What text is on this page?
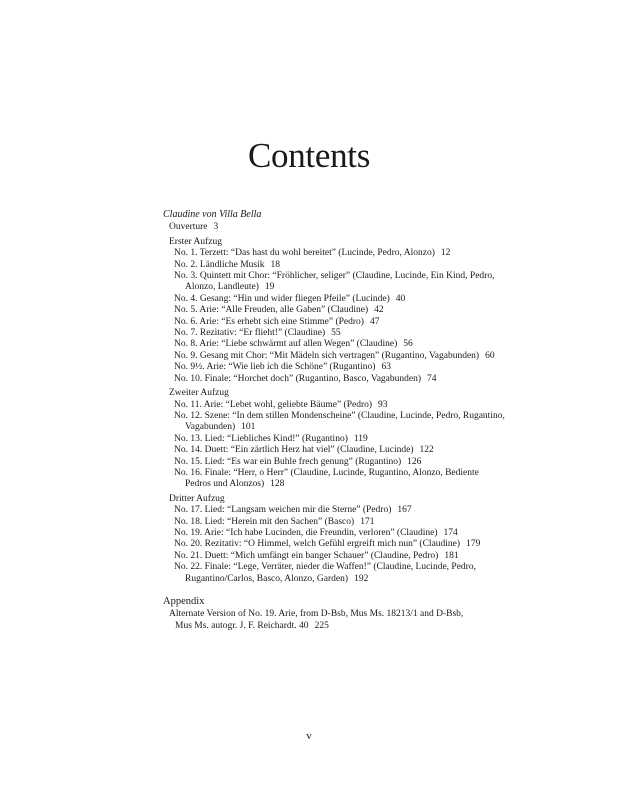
Contents
Claudine von Villa Bella
Ouverture 3
Erster Aufzug
No. 1. Terzett: “Das hast du wohl bereitet” (Lucinde, Pedro, Alonzo) 12
No. 2. Ländliche Musik 18
No. 3. Quintett mit Chor: “Fröhlicher, seliger” (Claudine, Lucinde, Ein Kind, Pedro,
Alonzo, Landleute) 19
No. 4. Gesang: “Hin und wider fliegen Pfeile” (Lucinde) 40
No. 5. Arie: “Alle Freuden, alle Gaben” (Claudine) 42
No. 6. Arie: “Es erhebt sich eine Stimme” (Pedro) 47
No. 7. Rezitativ: “Er flieht!” (Claudine) 55
No. 8. Arie: “Liebe schwärmt auf allen Wegen” (Claudine) 56
No. 9. Gesang mit Chor: “Mit Mädeln sich vertragen” (Rugantino, Vagabunden) 60
No. 9½. Arie: “Wie lieb ich die Schöne” (Rugantino) 63
No. 10. Finale: “Horchet doch” (Rugantino, Basco, Vagabunden) 74
Zweiter Aufzug
No. 11. Arie: “Lebet wohl, geliebte Bäume” (Pedro) 93
No. 12. Szene: “In dem stillen Mondenscheine” (Claudine, Lucinde, Pedro, Rugantino,
Vagabunden) 101
No. 13. Lied: “Liebliches Kind!” (Rugantino) 119
No. 14. Duett: “Ein zärtlich Herz hat viel” (Claudine, Lucinde) 122
No. 15. Lied: “Es war ein Buhle frech genung” (Rugantino) 126
No. 16. Finale: “Herr, o Herr” (Claudine, Lucinde, Rugantino, Alonzo, Bediente
Pedros und Alonzos) 128
Dritter Aufzug
No. 17. Lied: “Langsam weichen mir die Sterne” (Pedro) 167
No. 18. Lied: “Herein mit den Sachen” (Basco) 171
No. 19. Arie: “Ich habe Lucinden, die Freundin, verloren” (Claudine) 174
No. 20. Rezitativ: “O Himmel, welch Gefühl ergreift mich nun” (Claudine) 179
No. 21. Duett: “Mich umfängt ein banger Schauer” (Claudine, Pedro) 181
No. 22. Finale: “Lege, Verräter, nieder die Waffen!” (Claudine, Lucinde, Pedro,
Rugantino/Carlos, Basco, Alonzo, Garden) 192
Appendix
Alternate Version of No. 19. Arie, from D-Bsb, Mus Ms. 18213/1 and D-Bsb,
Mus Ms. autogr. J. F. Reichardt. 40 225
v
